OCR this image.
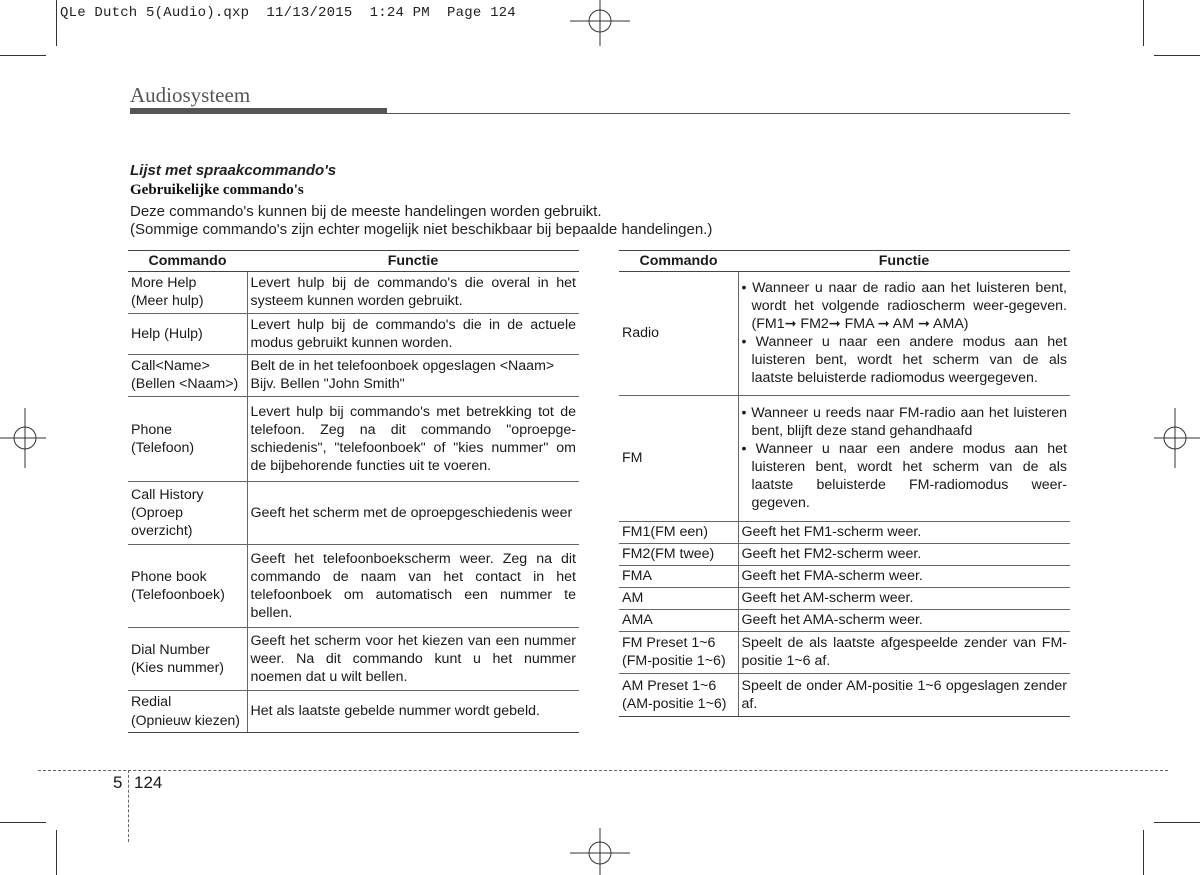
QLe Dutch 5(Audio).qxp  11/13/2015  1:24 PM  Page 124
Audiosysteem
Lijst met spraakcommando's
Gebruikelijke commando's
Deze commando's kunnen bij de meeste handelingen worden gebruikt.
(Sommige commando's zijn echter mogelijk niet beschikbaar bij bepaalde handelingen.)
Commando	Functie
More Help
(Meer hulp)	Levert hulp bij de commando's die overal in het systeem kunnen worden gebruikt.
Help (Hulp)	Levert hulp bij de commando's die in de actuele modus gebruikt kunnen worden.
Call<Name>
(Bellen <Naam>)	Belt de in het telefoonboek opgeslagen <Naam> Bijv. Bellen "John Smith"
Phone
(Telefoon)	Levert hulp bij commando's met betrekking tot de telefoon. Zeg na dit commando "oproepge-schiedenis", "telefoonboek" of "kies nummer" om de bijbehorende functies uit te voeren.
Call History
(Oproep overzicht)	Geeft het scherm met de oproepgeschiedenis weer
Phone book
(Telefoonboek)	Geeft het telefoonboekscherm weer. Zeg na dit commando de naam van het contact in het telefoonboek om automatisch een nummer te bellen.
Dial Number
(Kies nummer)	Geeft het scherm voor het kiezen van een nummer weer. Na dit commando kunt u het nummer noemen dat u wilt bellen.
Redial
(Opnieuw kiezen)	Het als laatste gebelde nummer wordt gebeld.
Commando	Functie
Radio	• Wanneer u naar de radio aan het luisteren bent, wordt het volgende radioscherm weer-gegeven. (FM1➞ FM2➞ FMA ➞ AM ➞ AMA)
• Wanneer u naar een andere modus aan het luisteren bent, wordt het scherm van de als laatste beluisterde radiomodus weergegeven.

FM	• Wanneer u reeds naar FM-radio aan het luisteren bent, blijft deze stand gehandhaafd
• Wanneer u naar een andere modus aan het luisteren bent, wordt het scherm van de als laatste beluisterde FM-radiomodus weer-gegeven.

FM1(FM een)	Geeft het FM1-scherm weer.
FM2(FM twee)	Geeft het FM2-scherm weer.
FMA	Geeft het FMA-scherm weer.
AM	Geeft het AM-scherm weer.
AMA	Geeft het AMA-scherm weer.
FM Preset 1~6
(FM-positie 1~6)	Speelt de als laatste afgespeelde zender van FM-positie 1~6 af.
AM Preset 1~6
(AM-positie 1~6)	Speelt de onder AM-positie 1~6 opgeslagen zender af.
5 124
